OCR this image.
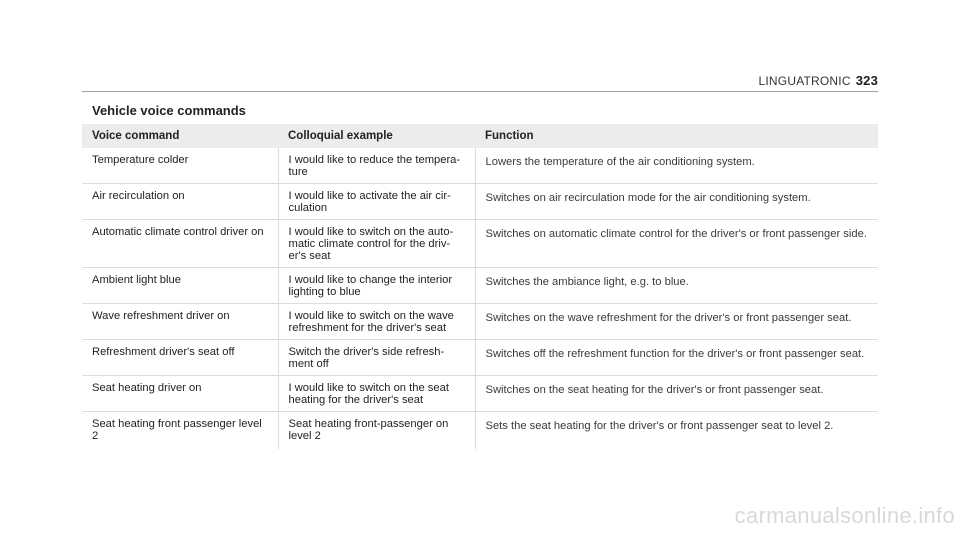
LINGUATRONIC 323
Vehicle voice commands
Voice command	Colloquial example	Function
Temperature colder	I would like to reduce the tempera- ture	Lowers the temperature of the air conditioning system.
Air recirculation on	I would like to activate the air cir- culation	Switches on air recirculation mode for the air conditioning system.
Automatic climate control driver on	I would like to switch on the auto- matic climate control for the driv- er's seat	Switches on automatic climate control for the driver's or front passenger side.
Ambient light blue	I would like to change the interior lighting to blue	Switches the ambiance light, e.g. to blue.
Wave refreshment driver on	I would like to switch on the wave refreshment for the driver's seat	Switches on the wave refreshment for the driver's or front passenger seat.
Refreshment driver's seat off	Switch the driver's side refresh- ment off	Switches off the refreshment function for the driver's or front passenger seat.
Seat heating driver on	I would like to switch on the seat heating for the driver's seat	Switches on the seat heating for the driver's or front passenger seat.
Seat heating front passenger level 2	Seat heating front-passenger on level 2	Sets the seat heating for the driver's or front passenger seat to level 2.
carmanualsonline.info
